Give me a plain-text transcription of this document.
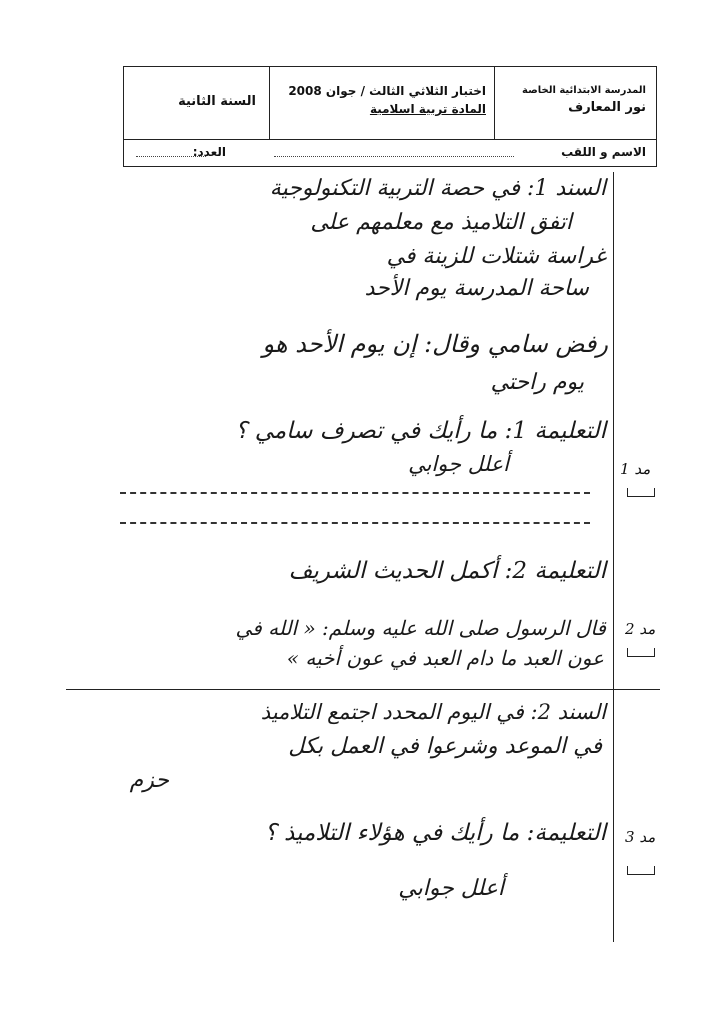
المدرسة الابتدائية الخاصة
نور المعارف
اختبار الثلاثي الثالث / جوان 2008
المادة تربية اسلامية
السنة الثانية
الاسم و اللقب
العدد:
السند 1: في حصة التربية التكنولوجية
اتفق التلاميذ مع معلمهم على
غراسة شتلات للزينة في
ساحة المدرسة يوم الأحد
رفض سامي وقال: إن يوم الأحد هو
يوم راحتي
التعليمة 1: ما رأيك في تصرف سامي ؟
أعلل جوابي	مد 1
التعليمة 2: أكمل الحديث الشريف
قال الرسول صلى الله عليه وسلم: « الله في
عون العبد ما دام العبد في عون أخيه »
مد 2
السند 2: في اليوم المحدد اجتمع التلاميذ
في الموعد وشرعوا في العمل بكل
حزم
التعليمة: ما رأيك في هؤلاء التلاميذ ؟
أعلل جوابي
مد 3
